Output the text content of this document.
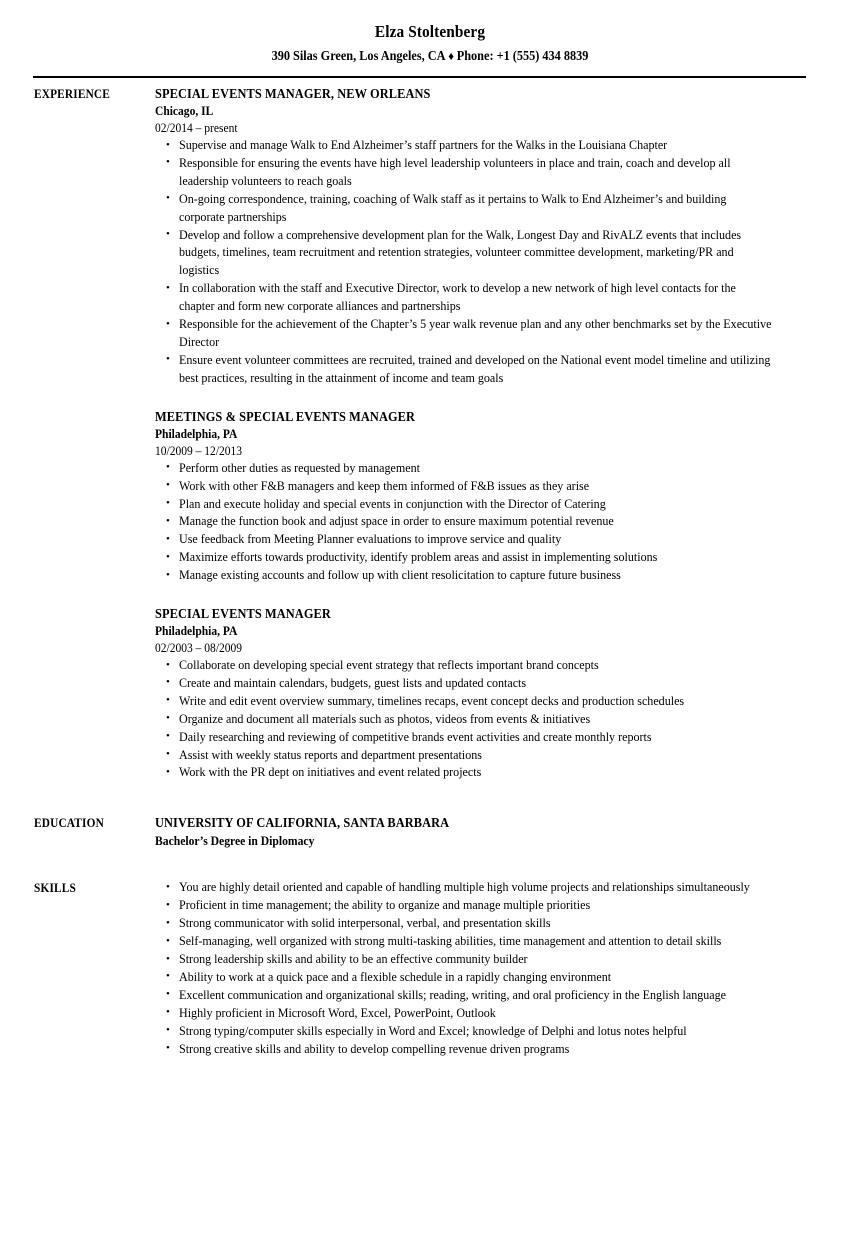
Elza Stoltenberg
390 Silas Green, Los Angeles, CA ♦ Phone: +1 (555) 434 8839
EXPERIENCE	SPECIAL EVENTS MANAGER, NEW ORLEANS
Chicago, IL
02/2014 – present
• Supervise and manage Walk to End Alzheimer’s staff partners for the Walks in the Louisiana Chapter
• Responsible for ensuring the events have high level leadership volunteers in place and train, coach and develop all leadership volunteers to reach goals
• On-going correspondence, training, coaching of Walk staff as it pertains to Walk to End Alzheimer’s and building corporate partnerships
• Develop and follow a comprehensive development plan for the Walk, Longest Day and RivALZ events that includes budgets, timelines, team recruitment and retention strategies, volunteer committee development, marketing/PR and logistics
• In collaboration with the staff and Executive Director, work to develop a new network of high level contacts for the chapter and form new corporate alliances and partnerships
• Responsible for the achievement of the Chapter’s 5 year walk revenue plan and any other benchmarks set by the Executive Director
• Ensure event volunteer committees are recruited, trained and developed on the National event model timeline and utilizing best practices, resulting in the attainment of income and team goals
MEETINGS & SPECIAL EVENTS MANAGER
Philadelphia, PA
10/2009 – 12/2013
• Perform other duties as requested by management
• Work with other F&B managers and keep them informed of F&B issues as they arise
• Plan and execute holiday and special events in conjunction with the Director of Catering
• Manage the function book and adjust space in order to ensure maximum potential revenue
• Use feedback from Meeting Planner evaluations to improve service and quality
• Maximize efforts towards productivity, identify problem areas and assist in implementing solutions
• Manage existing accounts and follow up with client resolicitation to capture future business
SPECIAL EVENTS MANAGER
Philadelphia, PA
02/2003 – 08/2009
• Collaborate on developing special event strategy that reflects important brand concepts
• Create and maintain calendars, budgets, guest lists and updated contacts
• Write and edit event overview summary, timelines recaps, event concept decks and production schedules
• Organize and document all materials such as photos, videos from events & initiatives
• Daily researching and reviewing of competitive brands event activities and create monthly reports
• Assist with weekly status reports and department presentations
• Work with the PR dept on initiatives and event related projects
EDUCATION	UNIVERSITY OF CALIFORNIA, SANTA BARBARA
Bachelor’s Degree in Diplomacy
SKILLS	• You are highly detail oriented and capable of handling multiple high volume projects and relationships simultaneously
• Proficient in time management; the ability to organize and manage multiple priorities
• Strong communicator with solid interpersonal, verbal, and presentation skills
• Self-managing, well organized with strong multi-tasking abilities, time management and attention to detail skills
• Strong leadership skills and ability to be an effective community builder
• Ability to work at a quick pace and a flexible schedule in a rapidly changing environment
• Excellent communication and organizational skills; reading, writing, and oral proficiency in the English language
• Highly proficient in Microsoft Word, Excel, PowerPoint, Outlook
• Strong typing/computer skills especially in Word and Excel; knowledge of Delphi and lotus notes helpful
• Strong creative skills and ability to develop compelling revenue driven programs
